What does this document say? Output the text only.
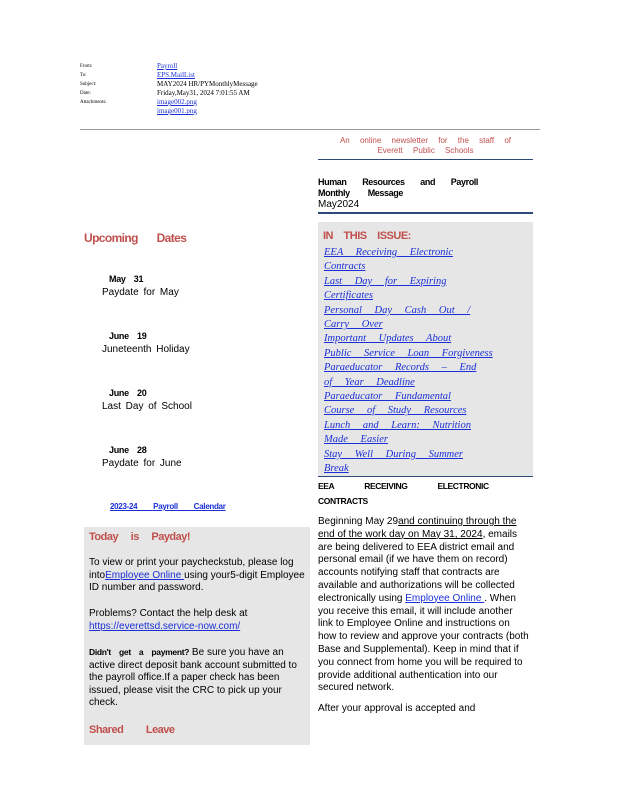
From:	Payroll
To:	EPS.MailList
Subject:	MAY2024 HR/PYMonthlyMessage
Date:	Friday,May31, 2024 7:01:55 AM
Attachments:	image002.png
image001.png
An online newsletter for the staff of
Everett Public Schools
Human Resources and Payroll
Monthly Message
May2024
Upcoming Dates
May 31
Paydate for May
June 19
Juneteenth Holiday
June 20
Last Day of School
June 28
Paydate for June
2023-24 Payroll Calendar
Today is Payday!
To view or print your paycheckstub, please log intoEmployee Online using your5-digit Employee ID number and password.
Problems? Contact the help desk at
https://everettsd.service-now.com/
Didn't get a payment? Be sure you have an active direct deposit bank account submitted to the payroll office.If a paper check has been issued, please visit the CRC to pick up your check.
Shared Leave
IN THIS ISSUE:
EEA Receiving Electronic
Contracts
Last Day for Expiring
Certificates
Personal Day Cash Out /
Carry Over
Important Updates About
Public Service Loan Forgiveness
Paraeducator Records – End
of Year Deadline
Paraeducator Fundamental
Course of Study Resources
Lunch and Learn: Nutrition
Made Easier
Stay Well During Summer
Break
EEA	RECEIVING	ELECTRONIC
CONTRACTS

Beginning May 29and continuing through the end of the work day on May 31, 2024, emails are being delivered to EEA district email and personal email (if we have them on record) accounts notifying staff that contracts are available and authorizations will be collected electronically using Employee Online . When you receive this email, it will include another link to Employee Online and instructions on how to review and approve your contracts (both Base and Supplemental). Keep in mind that if you connect from home you will be required to provide additional authentication into our secured network.

After your approval is accepted and
